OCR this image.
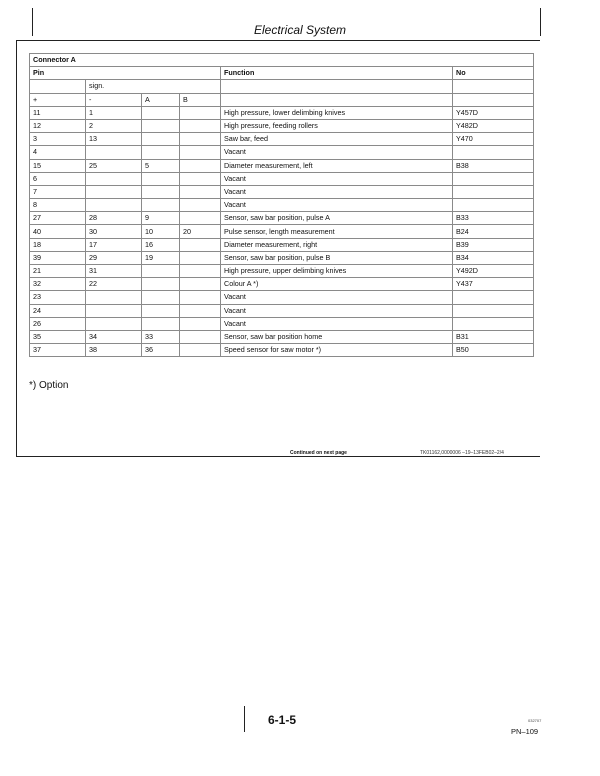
Electrical System
Connector A					
Pin				Function	No
	sign.				
+	-	A	B		
11	1			High pressure, lower delimbing knives	Y457D
12	2			High pressure, feeding rollers	Y482D
3	13			Saw bar, feed	Y470
4				Vacant	
15	25	5		Diameter measurement, left	B38
6				Vacant	
7				Vacant	
8				Vacant	
27	28	9		Sensor, saw bar position, pulse A	B33
40	30	10	20	Pulse sensor, length measurement	B24
18	17	16		Diameter measurement, right	B39
39	29	19		Sensor, saw bar position, pulse B	B34
21	31			High pressure, upper delimbing knives	Y492D
32	22			Colour A *)	Y437
23				Vacant	
24				Vacant	
26				Vacant	
35	34	33		Sensor, saw bar position home	B31
37	38	36		Speed sensor for saw motor *)	B50
*) Option
Continued on next page	TK01162,0000006 –19–13FEB02–2/4
6-1-5	032707
PN–109
